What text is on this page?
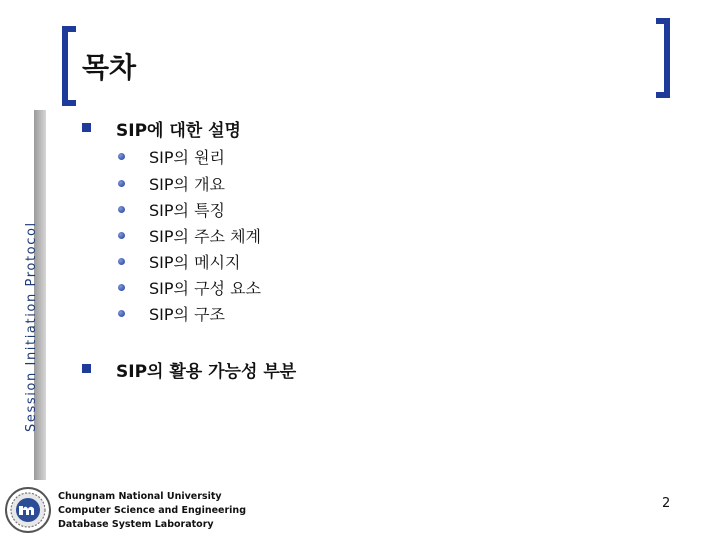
Session Initiation Protocol
목차
SIP에 대한 설명
SIP의 원리
SIP의 개요
SIP의 특징
SIP의 주소 체계
SIP의 메시지
SIP의 구성 요소
SIP의 구조
SIP의 활용 가능성 부분
Chungnam National University
Computer Science and Engineering
Database System Laboratory
2
